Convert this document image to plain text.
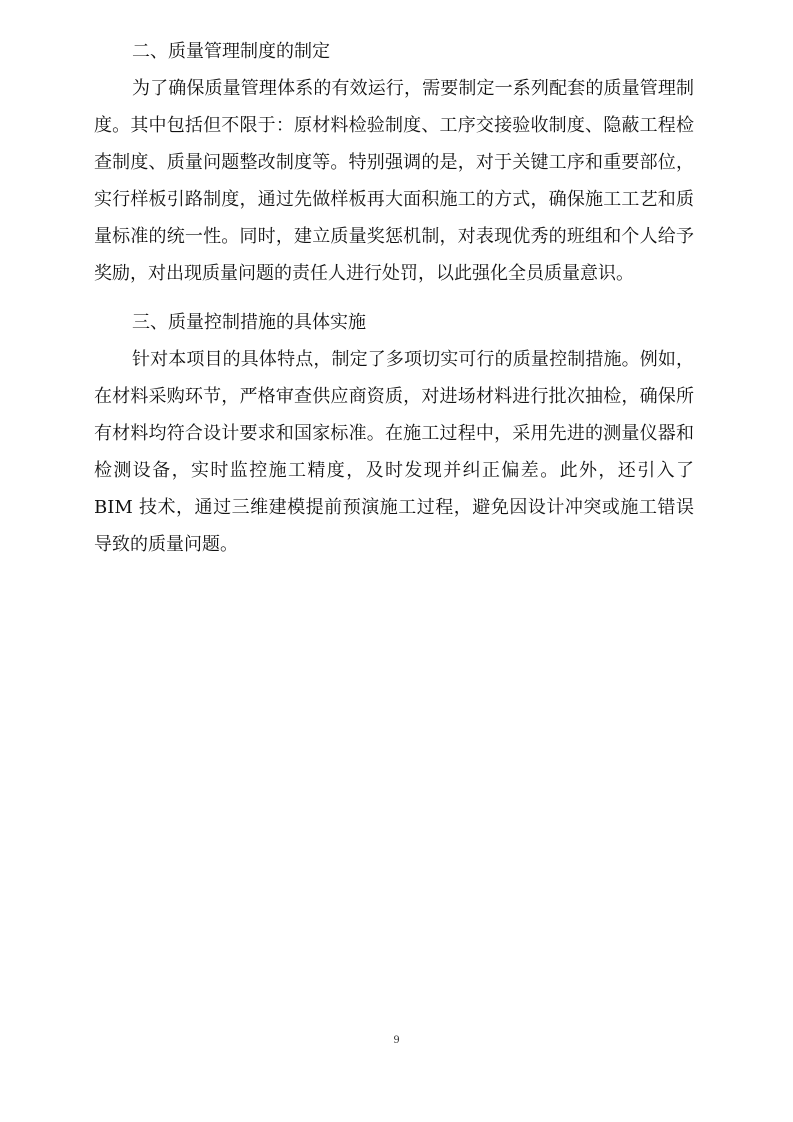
二、质量管理制度的制定

为了确保质量管理体系的有效运行，需要制定一系列配套的质量管理制度。其中包括但不限于：原材料检验制度、工序交接验收制度、隐蔽工程检查制度、质量问题整改制度等。特别强调的是，对于关键工序和重要部位，实行样板引路制度，通过先做样板再大面积施工的方式，确保施工工艺和质量标准的统一性。同时，建立质量奖惩机制，对表现优秀的班组和个人给予奖励，对出现质量问题的责任人进行处罚，以此强化全员质量意识。

三、质量控制措施的具体实施

针对本项目的具体特点，制定了多项切实可行的质量控制措施。例如，在材料采购环节，严格审查供应商资质，对进场材料进行批次抽检，确保所有材料均符合设计要求和国家标准。在施工过程中，采用先进的测量仪器和检测设备，实时监控施工精度，及时发现并纠正偏差。此外，还引入了 BIM 技术，通过三维建模提前预演施工过程，避免因设计冲突或施工错误导致的质量问题。

9
